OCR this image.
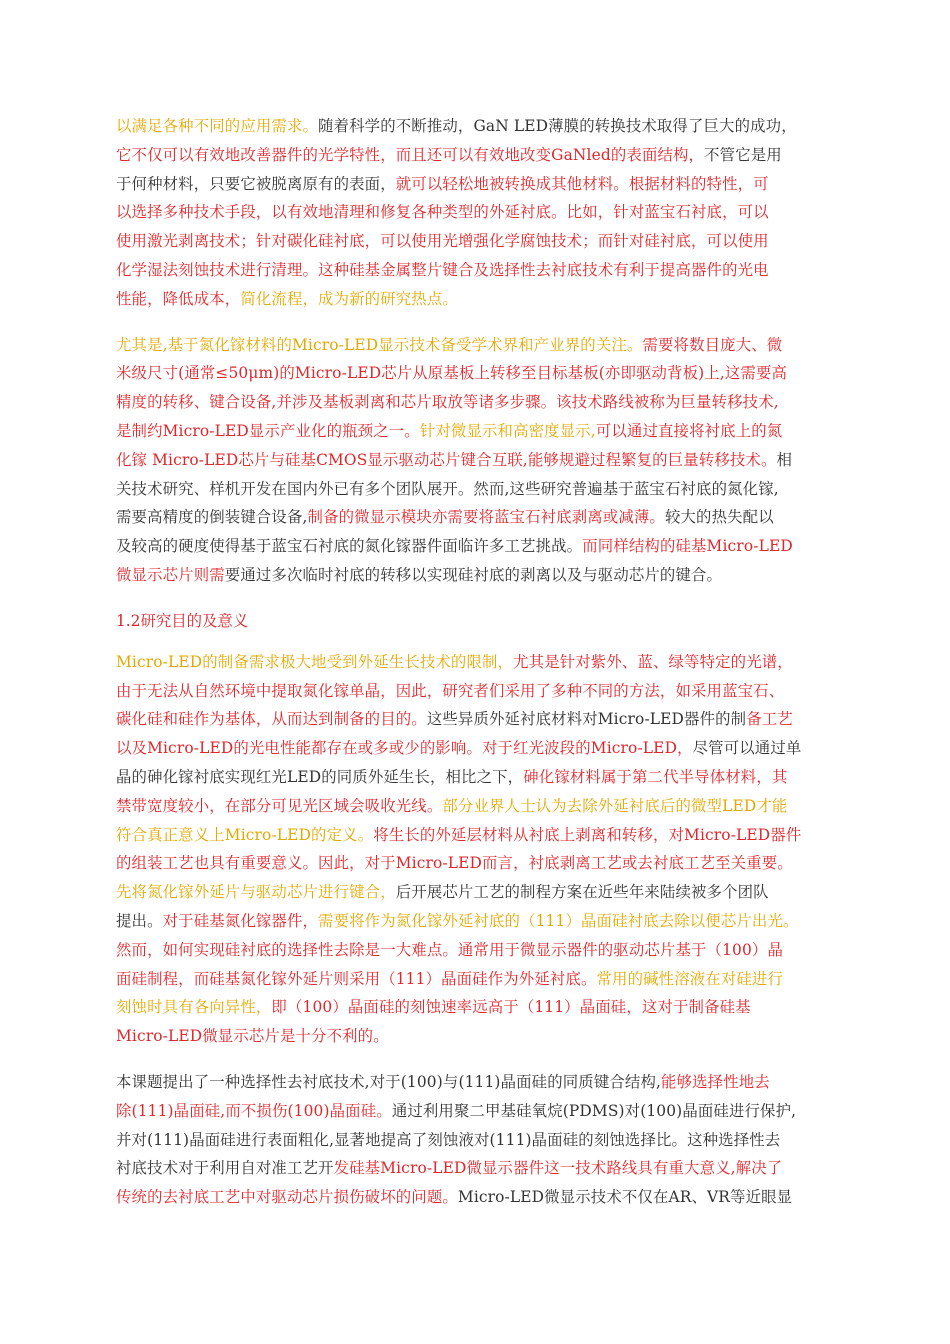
以满足各种不同的应用需求。随着科学的不断推动，GaN LED薄膜的转换技术取得了巨大的成功，
它不仅可以有效地改善器件的光学特性，而且还可以有效地改变GaNled的表面结构，不管它是用
于何种材料，只要它被脱离原有的表面，就可以轻松地被转换成其他材料。根据材料的特性，可
以选择多种技术手段，以有效地清理和修复各种类型的外延衬底。比如，针对蓝宝石衬底，可以
使用激光剥离技术；针对碳化硅衬底，可以使用光增强化学腐蚀技术；而针对硅衬底，可以使用
化学湿法刻蚀技术进行清理。这种硅基金属整片键合及选择性去衬底技术有利于提高器件的光电
性能，降低成本，简化流程，成为新的研究热点。
尤其是,基于氮化镓材料的Micro-LED显示技术备受学术界和产业界的关注。需要将数目庞大、微
米级尺寸(通常≤50μm)的Micro-LED芯片从原基板上转移至目标基板(亦即驱动背板)上,这需要高
精度的转移、键合设备,并涉及基板剥离和芯片取放等诸多步骤。该技术路线被称为巨量转移技术,
是制约Micro-LED显示产业化的瓶颈之一。针对微显示和高密度显示,可以通过直接将衬底上的氮
化镓 Micro-LED芯片与硅基CMOS显示驱动芯片键合互联,能够规避过程繁复的巨量转移技术。相
关技术研究、样机开发在国内外已有多个团队展开。然而,这些研究普遍基于蓝宝石衬底的氮化镓,
需要高精度的倒装键合设备,制备的微显示模块亦需要将蓝宝石衬底剥离或减薄。较大的热失配以
及较高的硬度使得基于蓝宝石衬底的氮化镓器件面临许多工艺挑战。而同样结构的硅基Micro-LED
微显示芯片则需要通过多次临时衬底的转移以实现硅衬底的剥离以及与驱动芯片的键合。
1.2研究目的及意义
Micro-LED的制备需求极大地受到外延生长技术的限制，尤其是针对紫外、蓝、绿等特定的光谱，
由于无法从自然环境中提取氮化镓单晶，因此，研究者们采用了多种不同的方法，如采用蓝宝石、
碳化硅和硅作为基体，从而达到制备的目的。这些异质外延衬底材料对Micro-LED器件的制备工艺
以及Micro-LED的光电性能都存在或多或少的影响。对于红光波段的Micro-LED，尽管可以通过单
晶的砷化镓衬底实现红光LED的同质外延生长，相比之下，砷化镓材料属于第二代半导体材料，其
禁带宽度较小，在部分可见光区域会吸收光线。部分业界人士认为去除外延衬底后的微型LED才能
符合真正意义上Micro-LED的定义。将生长的外延层材料从衬底上剥离和转移，对Micro-LED器件
的组装工艺也具有重要意义。因此，对于Micro-LED而言，衬底剥离工艺或去衬底工艺至关重要。
先将氮化镓外延片与驱动芯片进行键合，后开展芯片工艺的制程方案在近些年来陆续被多个团队
提出。对于硅基氮化镓器件，需要将作为氮化镓外延衬底的（111）晶面硅衬底去除以便芯片出光。
然而，如何实现硅衬底的选择性去除是一大难点。通常用于微显示器件的驱动芯片基于（100）晶
面硅制程，而硅基氮化镓外延片则采用（111）晶面硅作为外延衬底。常用的碱性溶液在对硅进行
刻蚀时具有各向异性，即（100）晶面硅的刻蚀速率远高于（111）晶面硅，这对于制备硅基
Micro-LED微显示芯片是十分不利的。
本课题提出了一种选择性去衬底技术,对于(100)与(111)晶面硅的同质键合结构,能够选择性地去
除(111)晶面硅,而不损伤(100)晶面硅。通过利用聚二甲基硅氧烷(PDMS)对(100)晶面硅进行保护,
并对(111)晶面硅进行表面粗化,显著地提高了刻蚀液对(111)晶面硅的刻蚀选择比。这种选择性去
衬底技术对于利用自对准工艺开发硅基Micro-LED微显示器件这一技术路线具有重大意义,解决了
传统的去衬底工艺中对驱动芯片损伤破坏的问题。Micro-LED微显示技术不仅在AR、VR等近眼显
